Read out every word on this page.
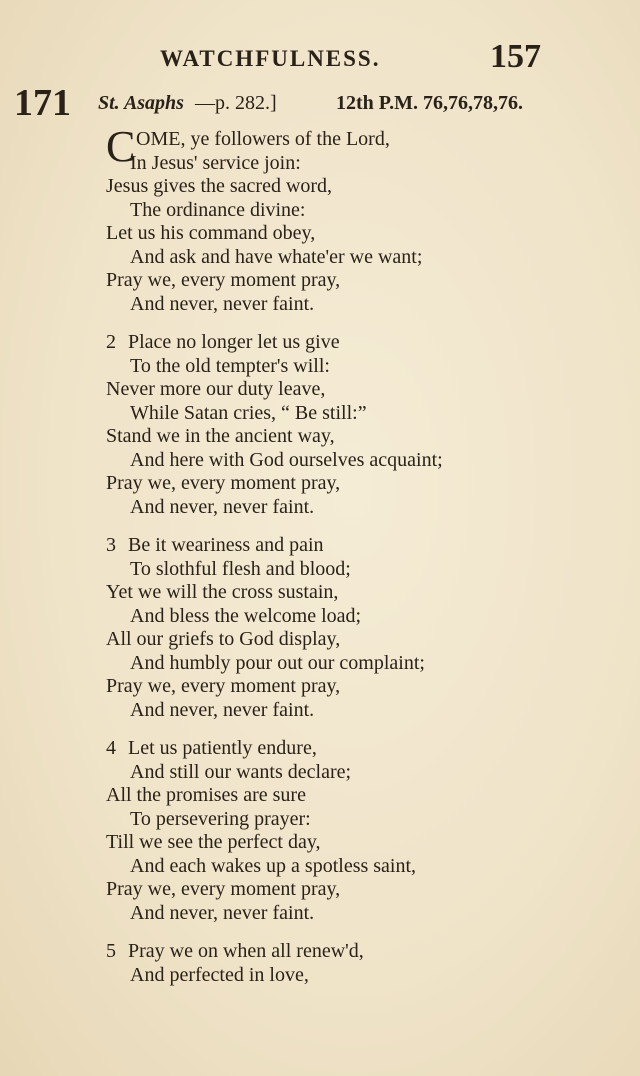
WATCHFULNESS.	157
171 St. Asaphs —p. 282.]	12th P.M. 76,76,78,76.
C OME, ye followers of the Lord,
In Jesus' service join:
Jesus gives the sacred word,
The ordinance divine:
Let us his command obey,
And ask and have whate'er we want;
Pray we, every moment pray,
And never, never faint.
2 Place no longer let us give
To the old tempter's will:
Never more our duty leave,
While Satan cries, “ Be still:”
Stand we in the ancient way,
And here with God ourselves acquaint;
Pray we, every moment pray,
And never, never faint.
3 Be it weariness and pain
To slothful flesh and blood;
Yet we will the cross sustain,
And bless the welcome load;
All our griefs to God display,
And humbly pour out our complaint;
Pray we, every moment pray,
And never, never faint.
4 Let us patiently endure,
And still our wants declare;
All the promises are sure
To persevering prayer:
Till we see the perfect day,
And each wakes up a spotless saint,
Pray we, every moment pray,
And never, never faint.
5 Pray we on when all renew'd,
And perfected in love,
